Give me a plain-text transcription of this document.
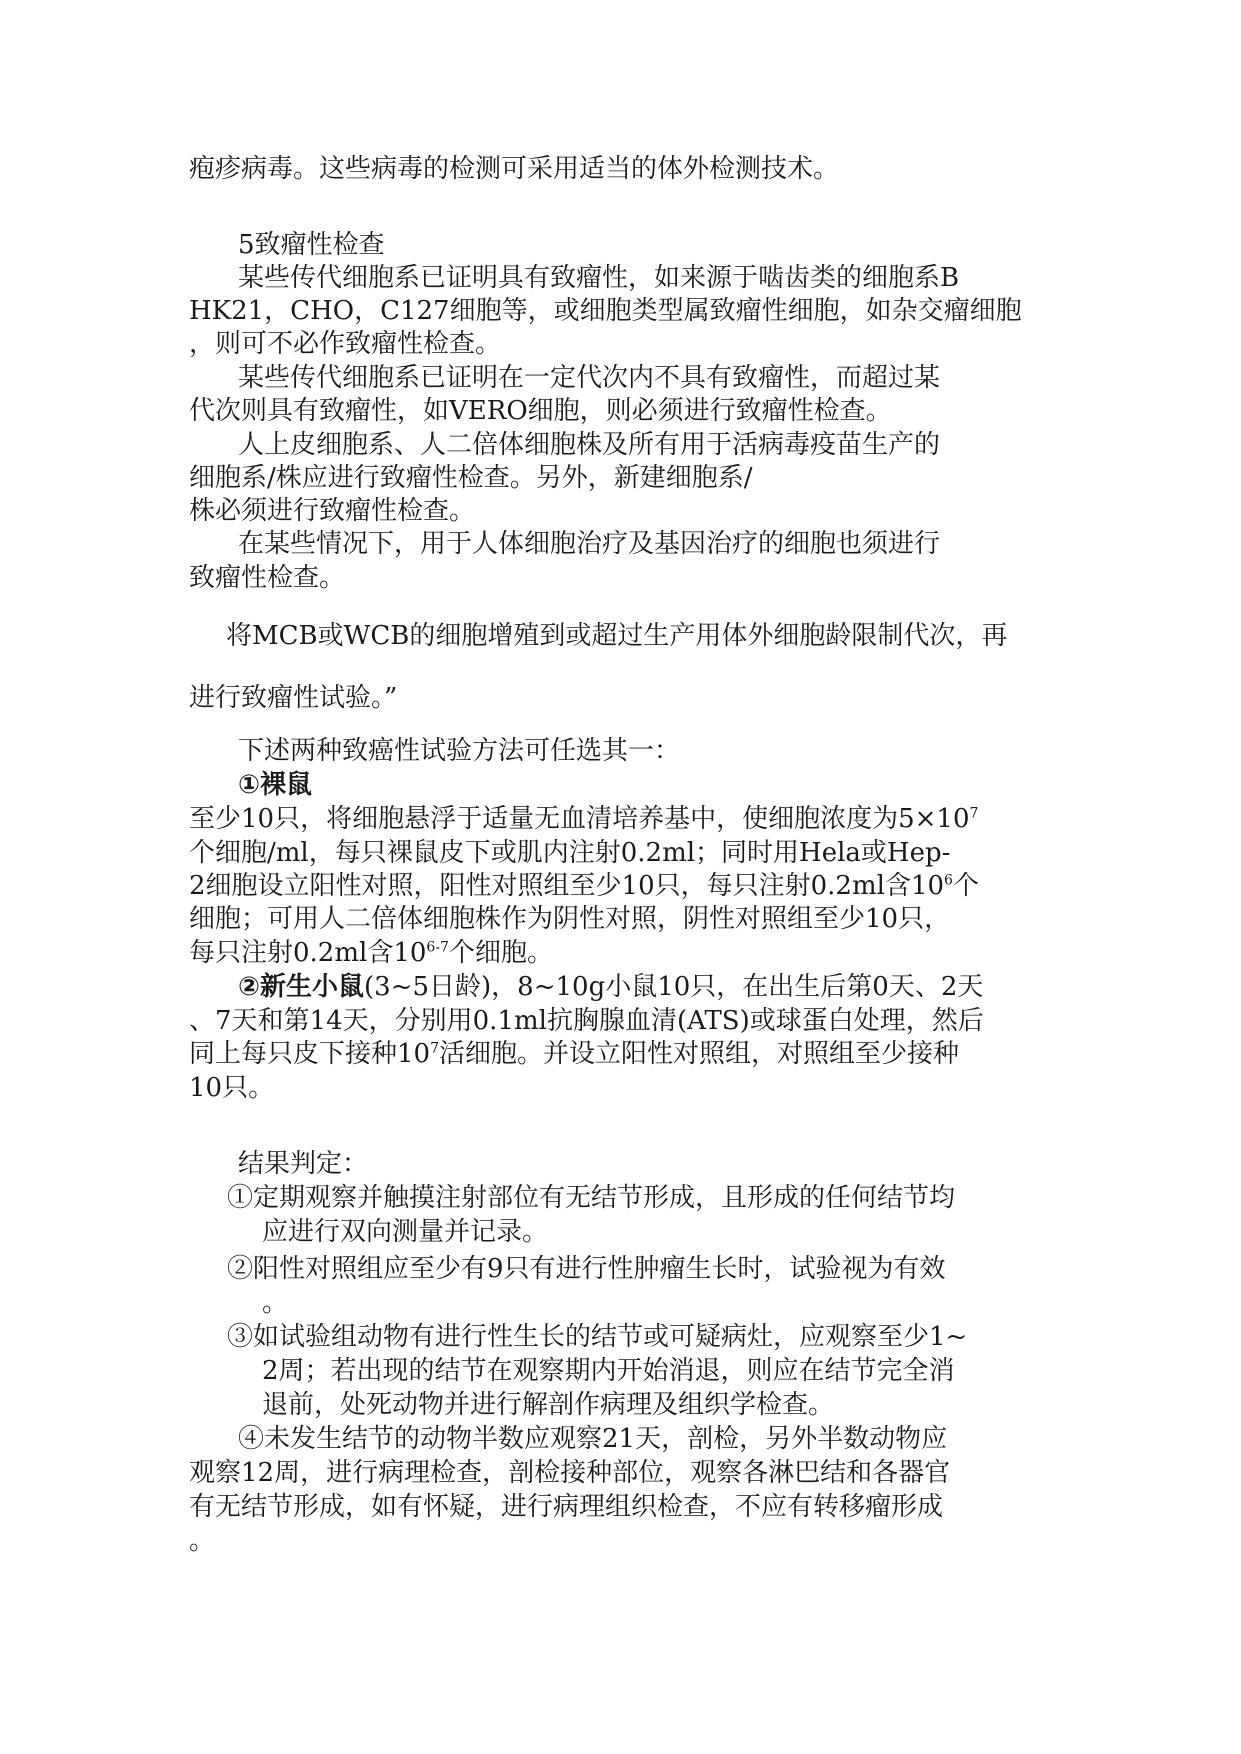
疱疹病毒。这些病毒的检测可采用适当的体外检测技术。
5致瘤性检查
某些传代细胞系已证明具有致瘤性，如来源于啮齿类的细胞系B
HK21，CHO，C127细胞等，或细胞类型属致瘤性细胞，如杂交瘤细胞
，则可不必作致瘤性检查。
某些传代细胞系已证明在一定代次内不具有致瘤性，而超过某
代次则具有致瘤性，如VERO细胞，则必须进行致瘤性检查。
人上皮细胞系、人二倍体细胞株及所有用于活病毒疫苗生产的
细胞系/株应进行致瘤性检查。另外，新建细胞系/
株必须进行致瘤性检查。
在某些情况下，用于人体细胞治疗及基因治疗的细胞也须进行
致瘤性检查。
将MCB或WCB的细胞增殖到或超过生产用体外细胞龄限制代次，再
进行致瘤性试验。”
下述两种致癌性试验方法可任选其一：
①裸鼠
至少10只，将细胞悬浮于适量无血清培养基中，使细胞浓度为$5\times 10^7$
个细胞/ml，每只裸鼠皮下或肌内注射0.2ml；同时用Hela或Hep-
2细胞设立阳性对照，阳性对照组至少10只，每只注射0.2ml含$10^6$个
细胞；可用人二倍体细胞株作为阴性对照，阴性对照组至少10只，
每只注射0.2ml含10$^{6-7}$个细胞。
②新生小鼠(3~5日龄)，8~10g小鼠10只，在出生后第0天、2天
、7天和第14天，分别用0.1ml抗胸腺血清(ATS)或球蛋白处理，然后
同上每只皮下接种$10^7$活细胞。并设立阳性对照组，对照组至少接种
10只。
结果判定：
①定期观察并触摸注射部位有无结节形成，且形成的任何结节均
应进行双向测量并记录。
②阳性对照组应至少有9只有进行性肿瘤生长时，试验视为有效
。
③如试验组动物有进行性生长的结节或可疑病灶，应观察至少1~
2周；若出现的结节在观察期内开始消退，则应在结节完全消
退前，处死动物并进行解剖作病理及组织学检查。
④未发生结节的动物半数应观察21天，剖检，另外半数动物应
观察12周，进行病理检查，剖检接种部位，观察各淋巴结和各器官
有无结节形成，如有怀疑，进行病理组织检查，不应有转移瘤形成
。
